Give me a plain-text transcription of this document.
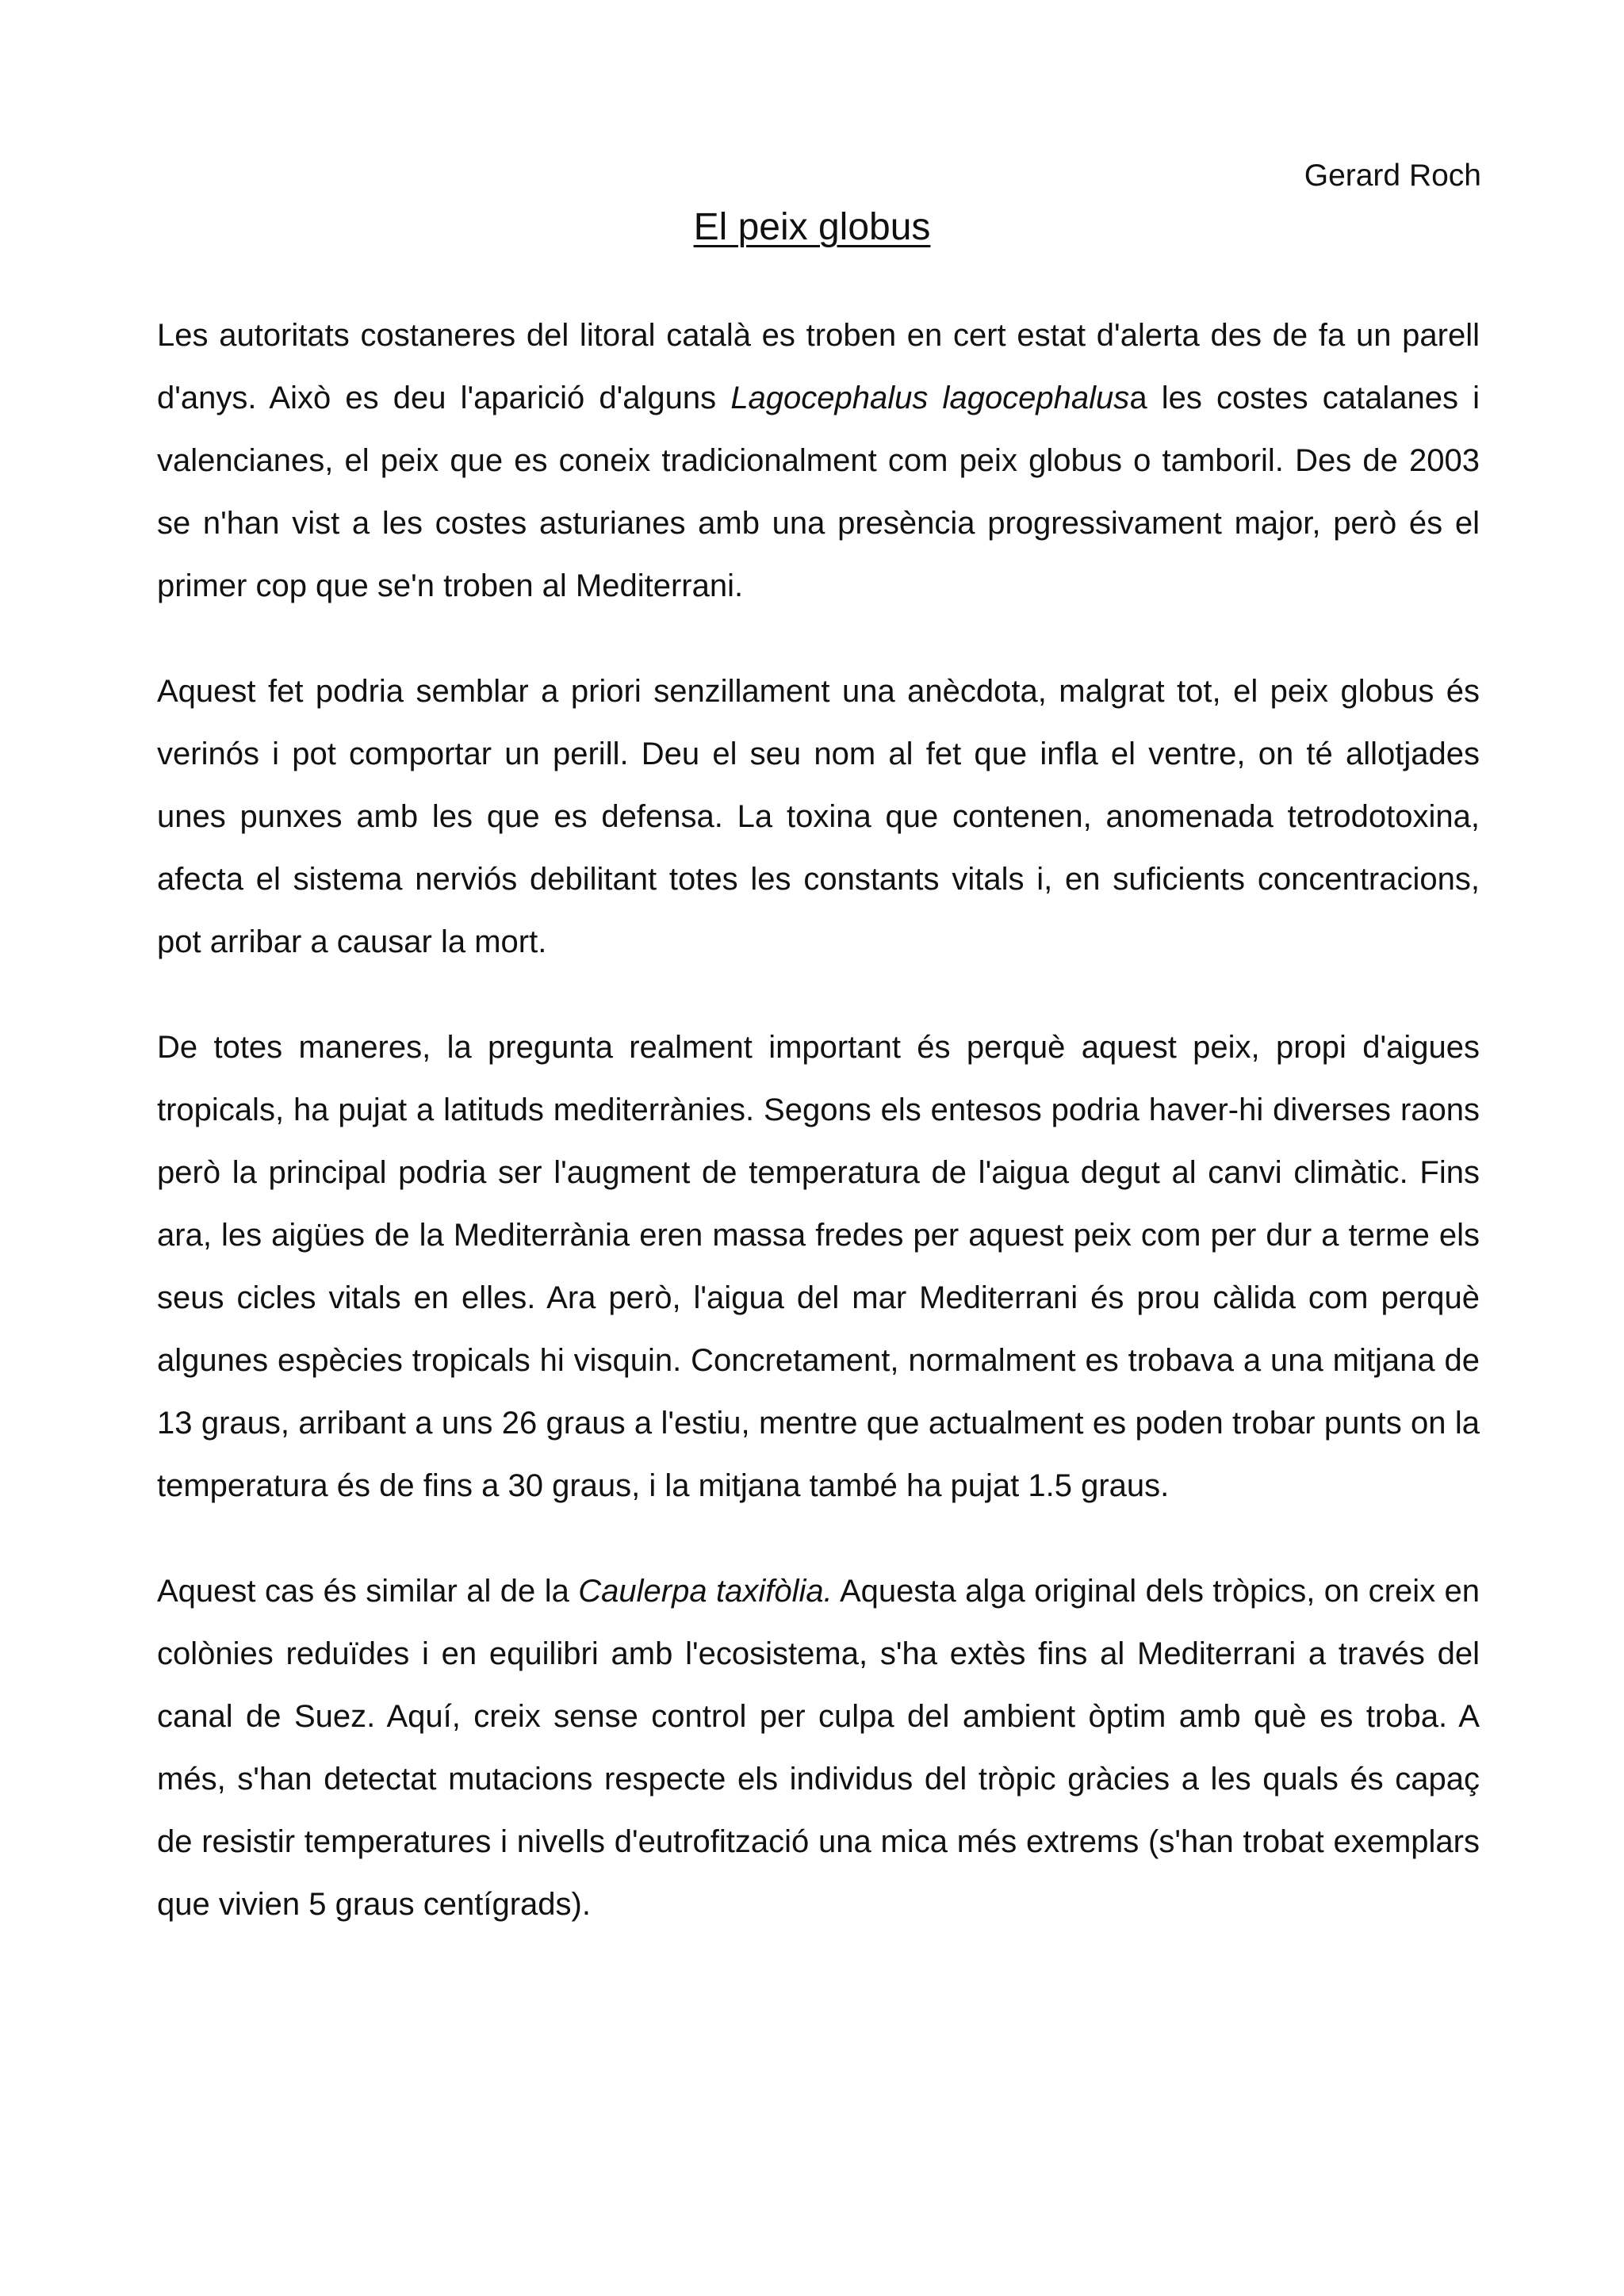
Gerard Roch
El peix globus

Les autoritats costaneres del litoral català es troben en cert estat d'alerta des de fa un parell d'anys. Això es deu l'aparició d'alguns Lagocephalus lagocephalusa les costes catalanes i valencianes, el peix que es coneix tradicionalment com peix globus o tamboril. Des de 2003 se n'han vist a les costes asturianes amb una presència progressivament major, però és el primer cop que se'n troben al Mediterrani.

Aquest fet podria semblar a priori senzillament una anècdota, malgrat tot, el peix globus és verinós i pot comportar un perill. Deu el seu nom al fet que infla el ventre, on té allotjades unes punxes amb les que es defensa. La toxina que contenen, anomenada tetrodotoxina, afecta el sistema nerviós debilitant totes les constants vitals i, en suficients concentracions, pot arribar a causar la mort.

De totes maneres, la pregunta realment important és perquè aquest peix, propi d'aigues tropicals, ha pujat a latituds mediterrànies. Segons els entesos podria haver-hi diverses raons però la principal podria ser l'augment de temperatura de l'aigua degut al canvi climàtic. Fins ara, les aigües de la Mediterrània eren massa fredes per aquest peix com per dur a terme els seus cicles vitals en elles. Ara però, l'aigua del mar Mediterrani és prou càlida com perquè algunes espècies tropicals hi visquin. Concretament, normalment es trobava a una mitjana de 13 graus, arribant a uns 26 graus a l'estiu, mentre que actualment es poden trobar punts on la temperatura és de fins a 30 graus, i la mitjana també ha pujat 1.5 graus.

Aquest cas és similar al de la Caulerpa taxifòlia. Aquesta alga original dels tròpics, on creix en colònies reduïdes i en equilibri amb l'ecosistema, s'ha extès fins al Mediterrani a través del canal de Suez. Aquí, creix sense control per culpa del ambient òptim amb què es troba. A més, s'han detectat mutacions respecte els individus del tròpic gràcies a les quals és capaç de resistir temperatures i nivells d'eutrofització una mica més extrems (s'han trobat exemplars que vivien 5 graus centígrads).
